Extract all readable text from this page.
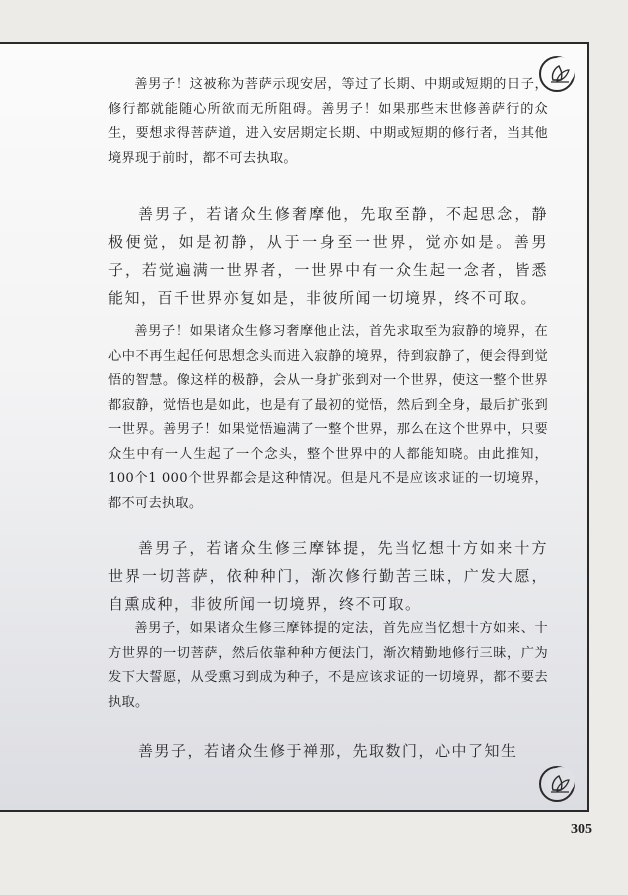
善男子！这被称为菩萨示现安居，等过了长期、中期或短期的日子，修行都就能随心所欲而无所阻碍。善男子！如果那些末世修善萨行的众生，要想求得菩萨道，进入安居期定长期、中期或短期的修行者，当其他境界现于前时，都不可去执取。

善男子，若诸众生修奢摩他，先取至静，不起思念，静极便觉，如是初静，从于一身至一世界，觉亦如是。善男子，若觉遍满一世界者，一世界中有一众生起一念者，皆悉能知，百千世界亦复如是，非彼所闻一切境界，终不可取。

善男子！如果诸众生修习奢摩他止法，首先求取至为寂静的境界，在心中不再生起任何思想念头而进入寂静的境界，待到寂静了，便会得到觉悟的智慧。像这样的极静，会从一身扩张到对一个世界，使这一整个世界都寂静，觉悟也是如此，也是有了最初的觉悟，然后到全身，最后扩张到一世界。善男子！如果觉悟遍满了一整个世界，那么在这个世界中，只要众生中有一人生起了一个念头，整个世界中的人都能知晓。由此推知，100个1 000个世界都会是这种情况。但是凡不是应该求证的一切境界，都不可去执取。

善男子，若诸众生修三摩钵提，先当忆想十方如来十方世界一切菩萨，依种种门，渐次修行勤苦三昧，广发大愿，自熏成种，非彼所闻一切境界，终不可取。

善男子，如果诸众生修三摩钵提的定法，首先应当忆想十方如来、十方世界的一切菩萨，然后依靠种种方便法门，渐次精勤地修行三昧，广为发下大誓愿，从受熏习到成为种子，不是应该求证的一切境界，都不要去执取。

善男子，若诸众生修于禅那，先取数门，心中了知生

305
